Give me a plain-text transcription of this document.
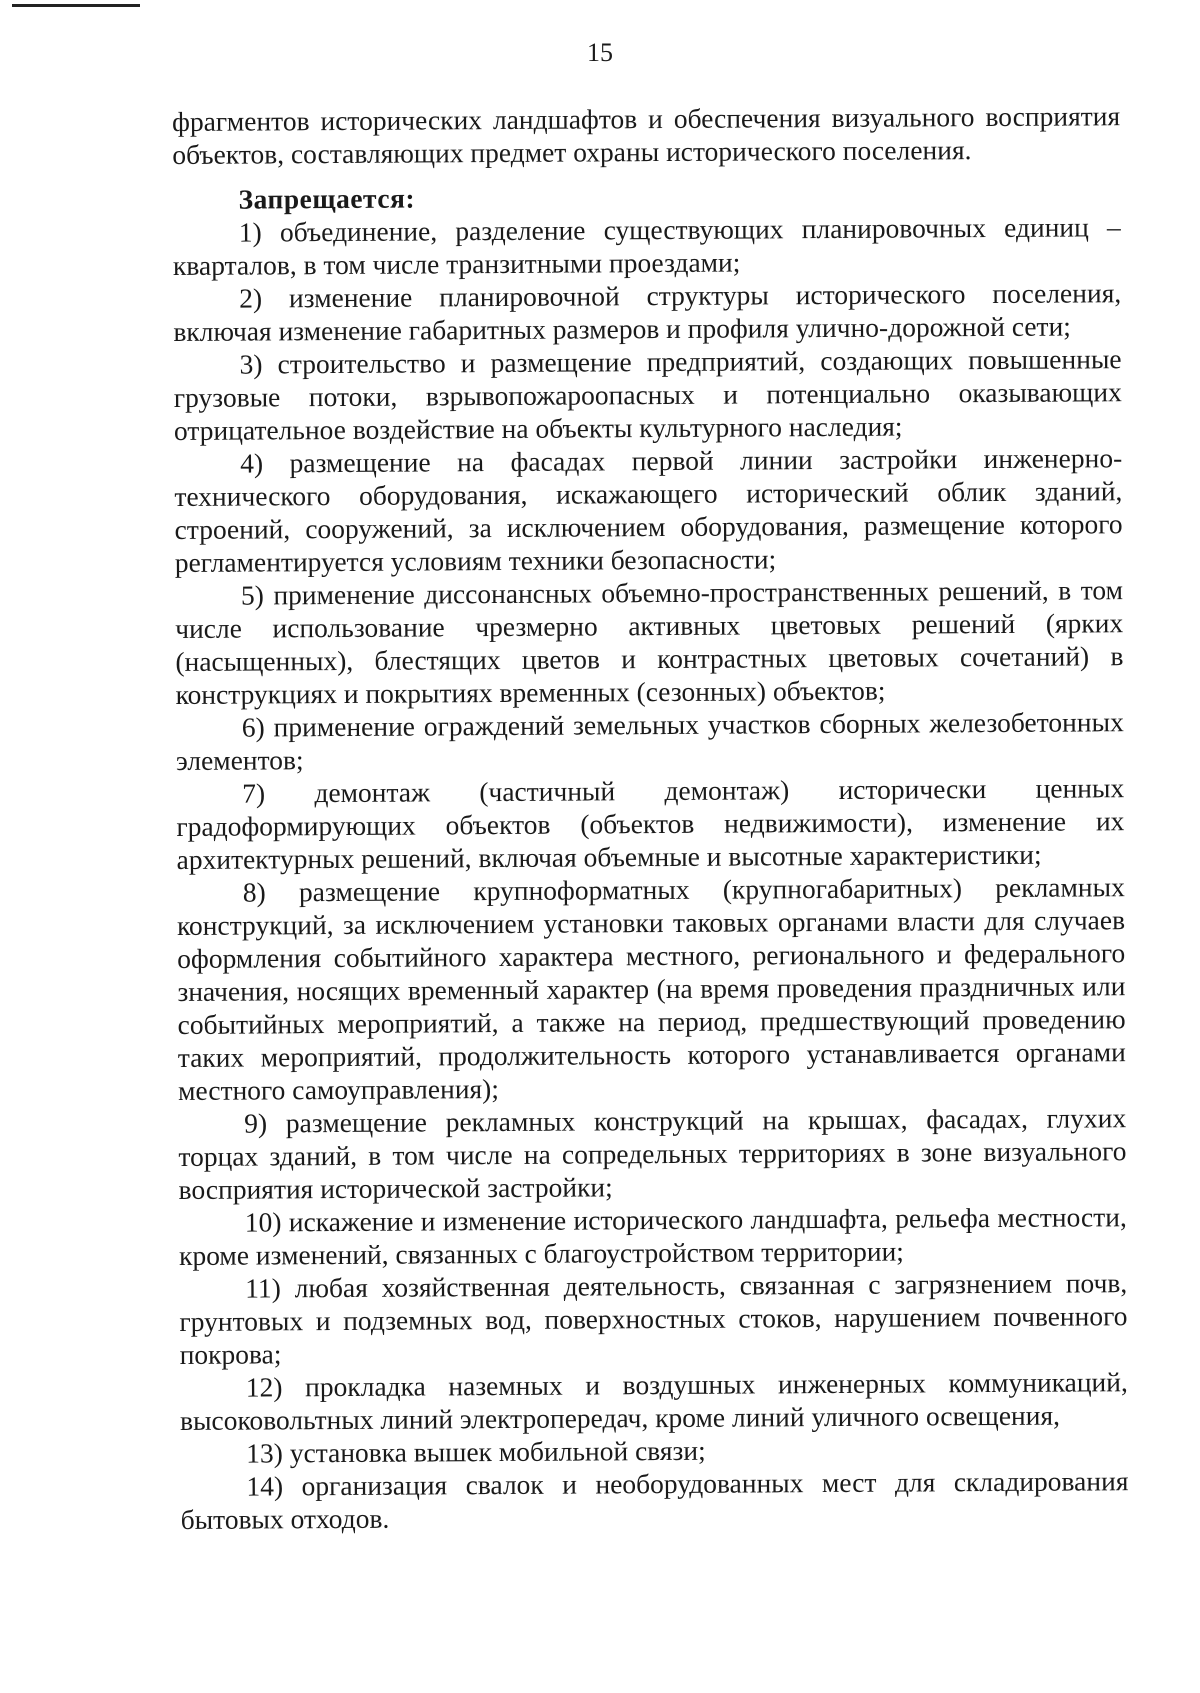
15

фрагментов исторических ландшафтов и обеспечения визуального восприятия объектов, составляющих предмет охраны исторического поселения.

Запрещается:

1) объединение, разделение существующих планировочных единиц – кварталов, в том числе транзитными проездами;

2) изменение планировочной структуры исторического поселения, включая изменение габаритных размеров и профиля улично-дорожной сети;

3) строительство и размещение предприятий, создающих повышенные грузовые потоки, взрывопожароопасных и потенциально оказывающих отрицательное воздействие на объекты культурного наследия;

4) размещение на фасадах первой линии застройки инженерно-технического оборудования, искажающего исторический облик зданий, строений, сооружений, за исключением оборудования, размещение которого регламентируется условиям техники безопасности;

5) применение диссонансных объемно-пространственных решений, в том числе использование чрезмерно активных цветовых решений (ярких (насыщенных), блестящих цветов и контрастных цветовых сочетаний) в конструкциях и покрытиях временных (сезонных) объектов;

6) применение ограждений земельных участков сборных железобетонных элементов;

7) демонтаж (частичный демонтаж) исторически ценных градоформирующих объектов (объектов недвижимости), изменение их архитектурных решений, включая объемные и высотные характеристики;

8) размещение крупноформатных (крупногабаритных) рекламных конструкций, за исключением установки таковых органами власти для случаев оформления событийного характера местного, регионального и федерального значения, носящих временный характер (на время проведения праздничных или событийных мероприятий, а также на период, предшествующий проведению таких мероприятий, продолжительность которого устанавливается органами местного самоуправления);

9) размещение рекламных конструкций на крышах, фасадах, глухих торцах зданий, в том числе на сопредельных территориях в зоне визуального восприятия исторической застройки;

10) искажение и изменение исторического ландшафта, рельефа местности, кроме изменений, связанных с благоустройством территории;

11) любая хозяйственная деятельность, связанная с загрязнением почв, грунтовых и подземных вод, поверхностных стоков, нарушением почвенного покрова;

12) прокладка наземных и воздушных инженерных коммуникаций, высоковольтных линий электропередач, кроме линий уличного освещения,

13) установка вышек мобильной связи;

14) организация свалок и необорудованных мест для складирования бытовых отходов.
